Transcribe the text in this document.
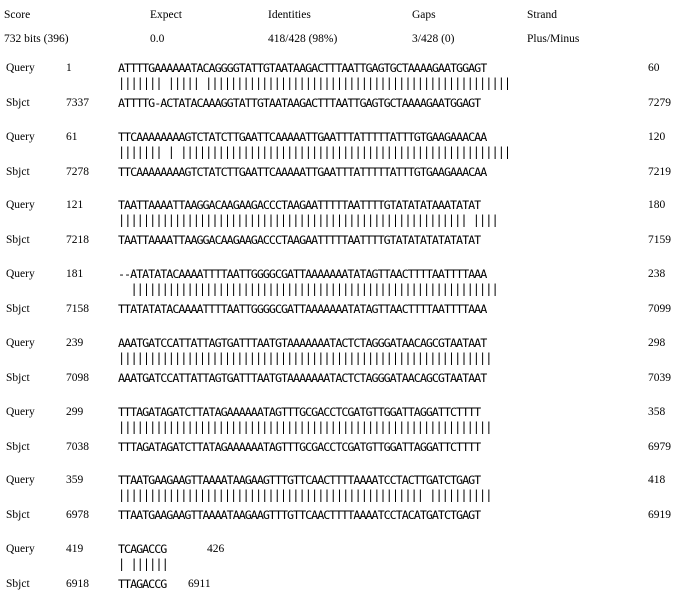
Score	Expect	Identities	Gaps	Strand
732 bits (396)	0.0	418/428 (98%)	3/428 (0)	Plus/Minus
Query	1	ATTTTGAAAAAATACAGGGGTATTGTAATAAGACTTTAATTGAGTGCTAAAAGAATGGAGT	60
||||||| ||||| |||||||||||||||||||||||||||||||||||||||||||||||||
Sbjct	7337 ATTTTG-ACTATACAAAGGTATTGTAATAAGACTTTAATTGAGTGCTAAAAGAATGGAGT	7279
Query	61	TTCAAAAAAAAGTCTATCTTGAATTCAAAAATTGAATTTATTTTTATTTGTGAAGAAACAA	120
||||||| | |||||||||||||||||||||||||||||||||||||||||||||||||||||
Sbjct	7278 TTCAAAAAAAAGTCTATCTTGAATTCAAAAATTGAATTTATTTTTATTTGTGAAGAAACAA	7219
Query	121	TAATTAAAATTAAGGACAAGAAGACCCTAAGAATTTTTAATTTTGTATATATAAATATAT	180
|||||||||||||||||||||||||||||||||||||||||||||||||||||||| ||||
Sbjct	7218 TAATTAAAATTAAGGACAAGAAGACCCTAAGAATTTTTAATTTTGTATATATATATATAT	7159
Query	181	--ATATATACAAAATTTTAATTGGGGCGATTAAAAAAATATAGTTAACTTTTAATTTTAAA	238
|||||||||||||||||||||||||||||||||||||||||||||||||||||||||||
Sbjct	7158 TTATATATACAAAATTTTAATTGGGGCGATTAAAAAAATATAGTTAACTTTTAATTTTAAA	7099
Query	239	AAATGATCCATTATTAGTGATTTAATGTAAAAAAATACTCTAGGGATAACAGCGTAATAAT	298
||||||||||||||||||||||||||||||||||||||||||||||||||||||||||||
Sbjct	7098 AAATGATCCATTATTAGTGATTTAATGTAAAAAAATACTCTAGGGATAACAGCGTAATAAT	7039
Query	299	TTTAGATAGATCTTATAGAAAAAATAGTTTGCGACCTCGATGTTGGATTAGGATTCTTTT	358
||||||||||||||||||||||||||||||||||||||||||||||||||||||||||||
Sbjct	7038 TTTAGATAGATCTTATAGAAAAAATAGTTTGCGACCTCGATGTTGGATTAGGATTCTTTT	6979
Query	359	TTAATGAAGAAGTTAAAATAAGAAGTTTGTTCAACTTTTAAAATCCTACTTGATCTGAGT	418
||||||||||||||||||||||||||||||||||||||||||||||||| ||||||||||
Sbjct	6978 TTAATGAAGAAGTTAAAATAAGAAGTTTGTTCAACTTTTAAAATCCTACATGATCTGAGT	6919
Query	419	TCAGACCG	426
| ||||||
Sbjct	6918 TTAGACCG 6911
